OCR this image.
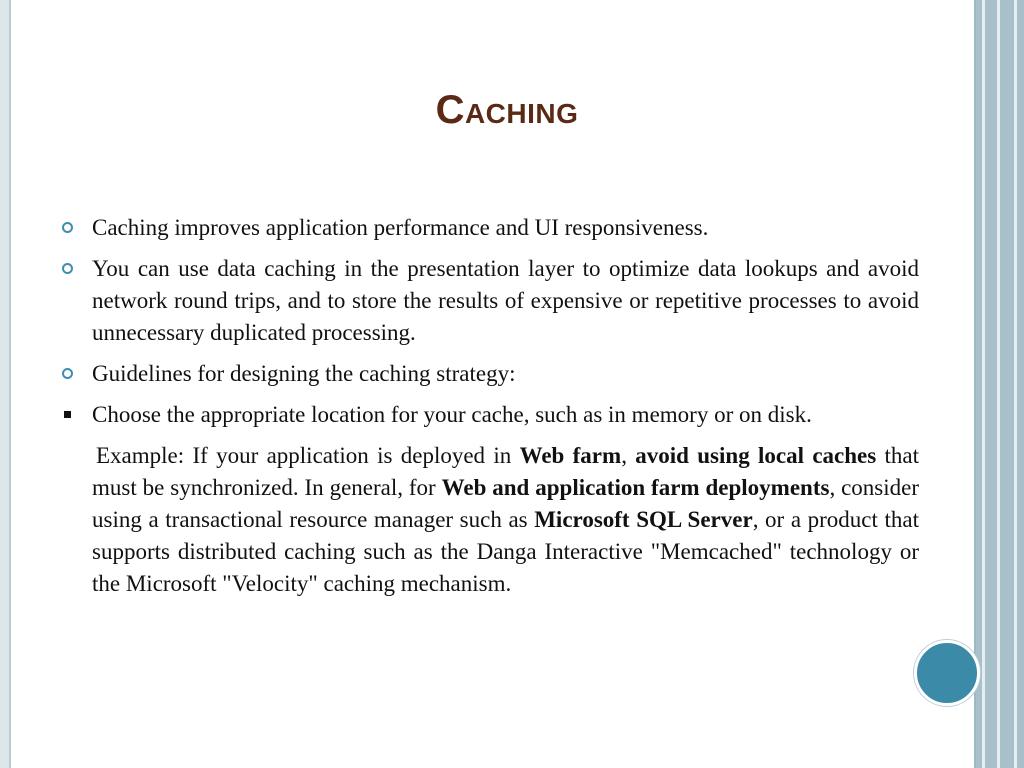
Caching
Caching improves application performance and UI responsiveness.
You can use data caching in the presentation layer to optimize data lookups and avoid network round trips, and to store the results of expensive or repetitive processes to avoid unnecessary duplicated processing.
Guidelines for designing the caching strategy:
Choose the appropriate location for your cache, such as in memory or on disk.
Example: If your application is deployed in Web farm, avoid using local caches that must be synchronized. In general, for Web and application farm deployments, consider using a transactional resource manager such as Microsoft SQL Server, or a product that supports distributed caching such as the Danga Interactive "Memcached" technology or the Microsoft "Velocity" caching mechanism.
